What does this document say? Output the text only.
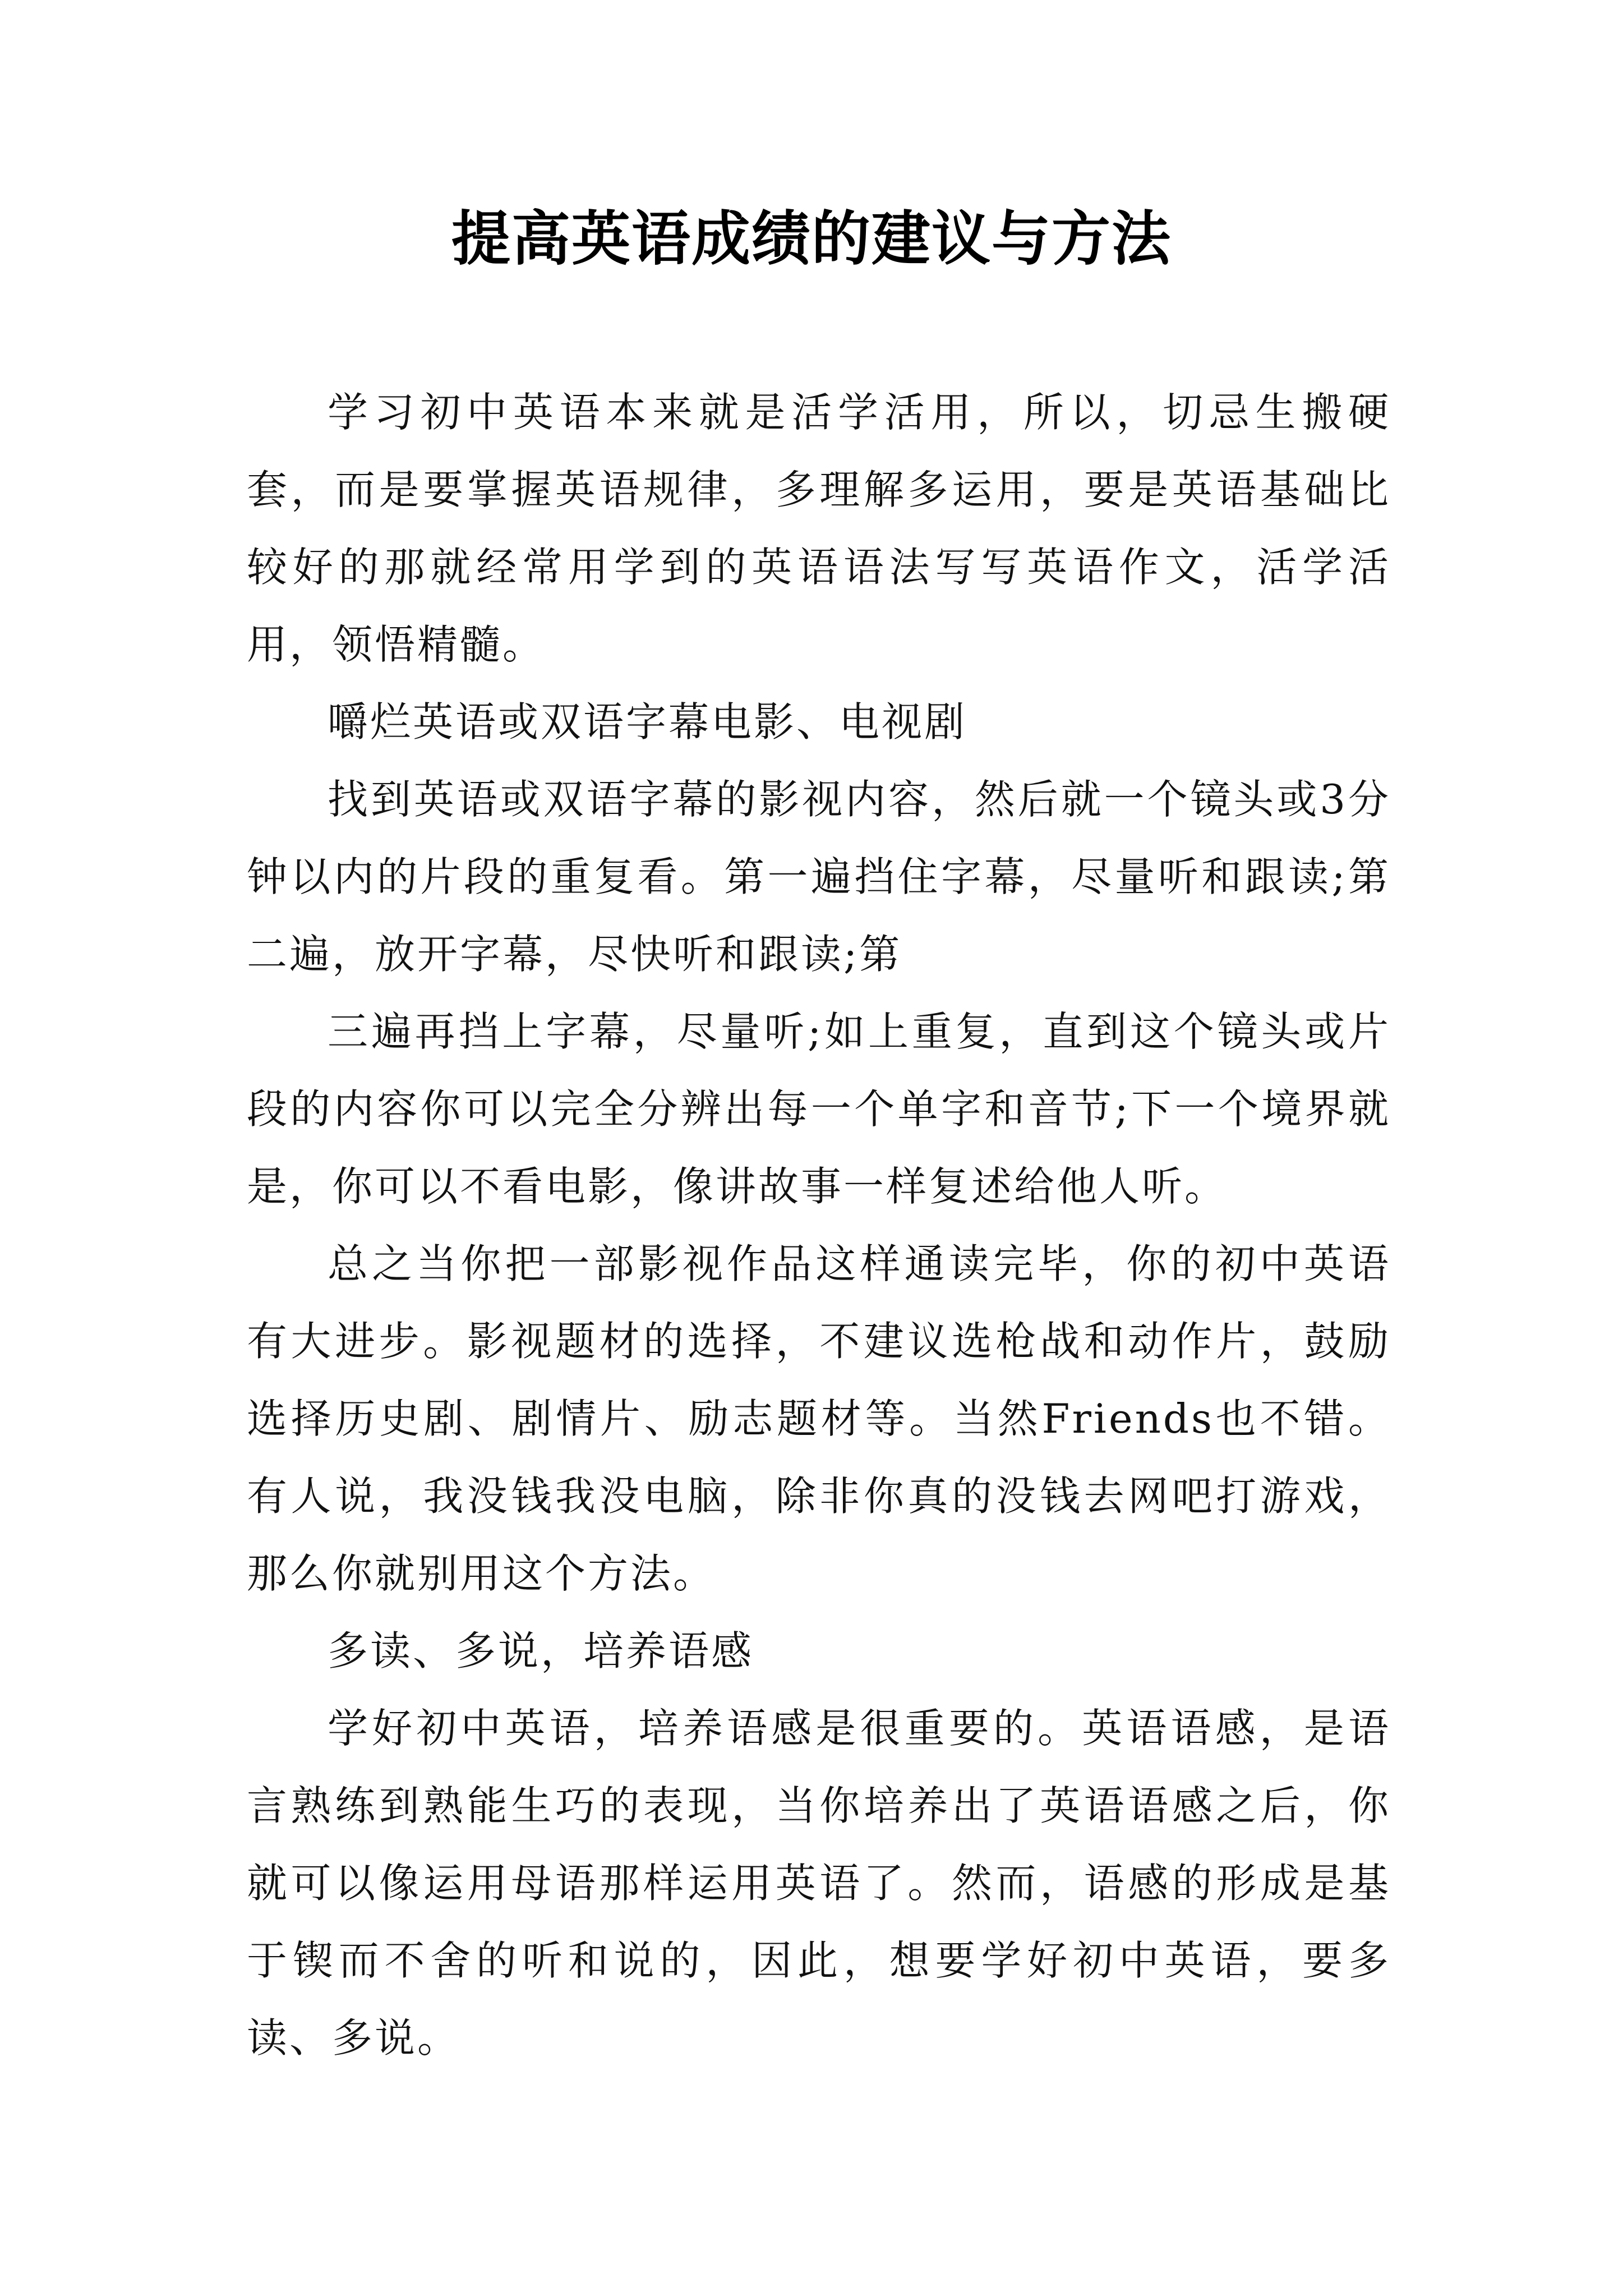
提高英语成绩的建议与方法

学习初中英语本来就是活学活用，所以，切忌生搬硬套，而是要掌握英语规律，多理解多运用，要是英语基础比较好的那就经常用学到的英语语法写写英语作文，活学活用，领悟精髓。

嚼烂英语或双语字幕电影、电视剧

找到英语或双语字幕的影视内容，然后就一个镜头或3分钟以内的片段的重复看。第一遍挡住字幕，尽量听和跟读;第二遍，放开字幕，尽快听和跟读;第

三遍再挡上字幕，尽量听;如上重复，直到这个镜头或片段的内容你可以完全分辨出每一个单字和音节;下一个境界就是，你可以不看电影，像讲故事一样复述给他人听。

总之当你把一部影视作品这样通读完毕，你的初中英语有大进步。影视题材的选择，不建议选枪战和动作片，鼓励选择历史剧、剧情片、励志题材等。当然Friends也不错。有人说，我没钱我没电脑，除非你真的没钱去网吧打游戏，那么你就别用这个方法。

多读、多说，培养语感

学好初中英语，培养语感是很重要的。英语语感，是语言熟练到熟能生巧的表现，当你培养出了英语语感之后，你就可以像运用母语那样运用英语了。然而，语感的形成是基于锲而不舍的听和说的，因此，想要学好初中英语，要多读、多说。
